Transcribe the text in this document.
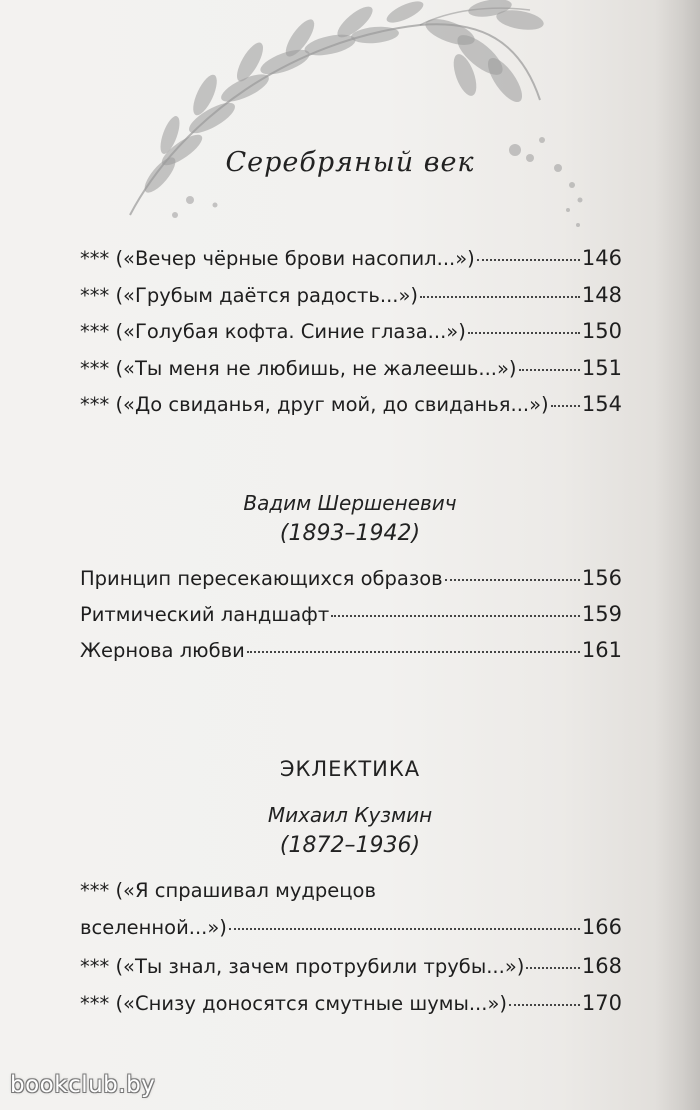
Серебряный век
*** («Вечер чёрные брови насопил...»)	146
*** («Грубым даётся радость...»)	148
*** («Голубая кофта. Синие глаза...»)	150
*** («Ты меня не любишь, не жалеешь...»)	151
*** («До свиданья, друг мой, до свиданья...») 154
Вадим Шершеневич
(1893–1942)
Принцип пересекающихся образов	156
Ритмический ландшафт	159
Жернова любви	161
ЭКЛЕКТИКА
Михаил Кузмин
(1872–1936)
*** («Я спрашивал мудрецов
вселенной...»)	166
*** («Ты знал, зачем протрубили трубы...»)	168
*** («Снизу доносятся смутные шумы...»)	170
bookclub.by
